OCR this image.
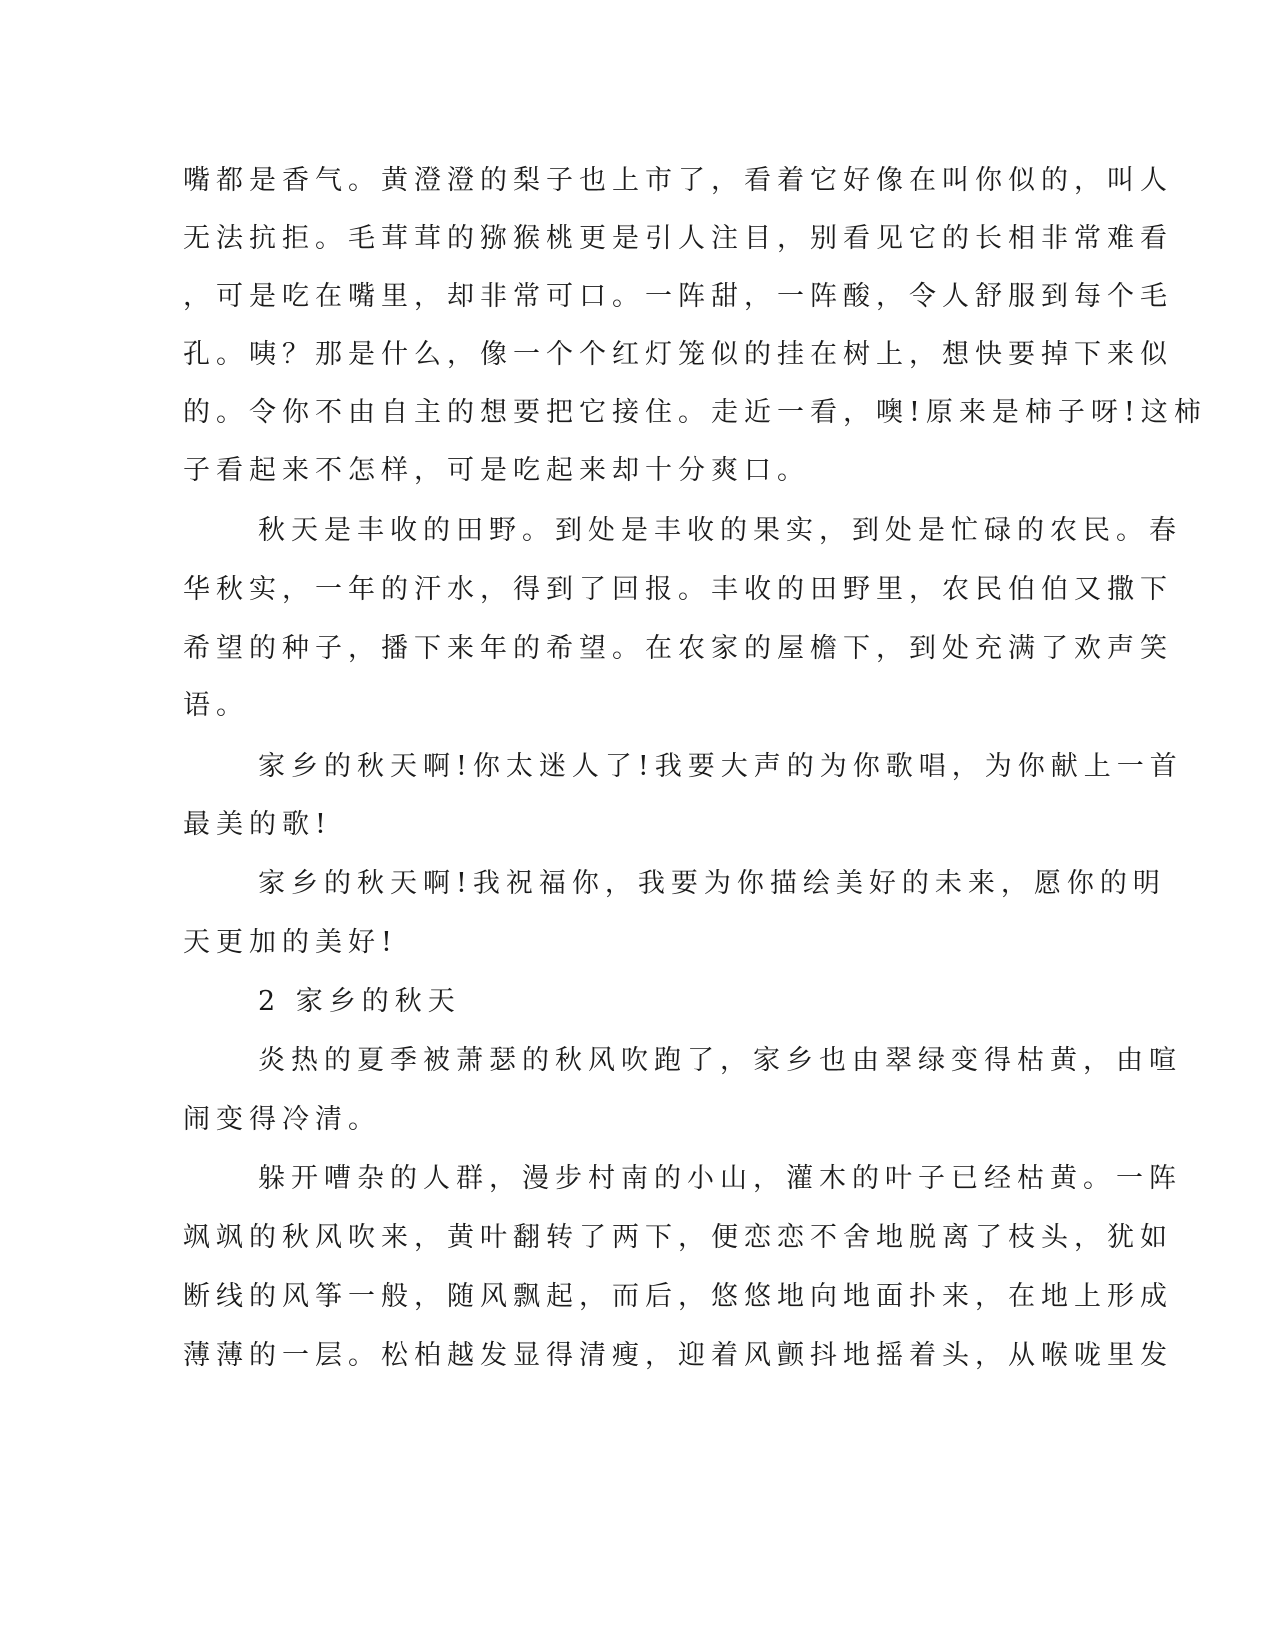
嘴都是香气。黄澄澄的梨子也上市了，看着它好像在叫你似的，叫人
无法抗拒。毛茸茸的猕猴桃更是引人注目，别看见它的长相非常难看
，可是吃在嘴里，却非常可口。一阵甜，一阵酸，令人舒服到每个毛
孔。咦？那是什么，像一个个红灯笼似的挂在树上，想快要掉下来似
的。令你不由自主的想要把它接住。走近一看，噢!原来是柿子呀!这柿
子看起来不怎样，可是吃起来却十分爽口。
秋天是丰收的田野。到处是丰收的果实，到处是忙碌的农民。春
华秋实，一年的汗水，得到了回报。丰收的田野里，农民伯伯又撒下
希望的种子，播下来年的希望。在农家的屋檐下，到处充满了欢声笑
语。
家乡的秋天啊!你太迷人了!我要大声的为你歌唱，为你献上一首
最美的歌!
家乡的秋天啊!我祝福你，我要为你描绘美好的未来，愿你的明
天更加的美好!
2 家乡的秋天
炎热的夏季被萧瑟的秋风吹跑了，家乡也由翠绿变得枯黄，由喧
闹变得冷清。
躲开嘈杂的人群，漫步村南的小山，灌木的叶子已经枯黄。一阵
飒飒的秋风吹来，黄叶翻转了两下，便恋恋不舍地脱离了枝头，犹如
断线的风筝一般，随风飘起，而后，悠悠地向地面扑来，在地上形成
薄薄的一层。松柏越发显得清瘦，迎着风颤抖地摇着头，从喉咙里发
